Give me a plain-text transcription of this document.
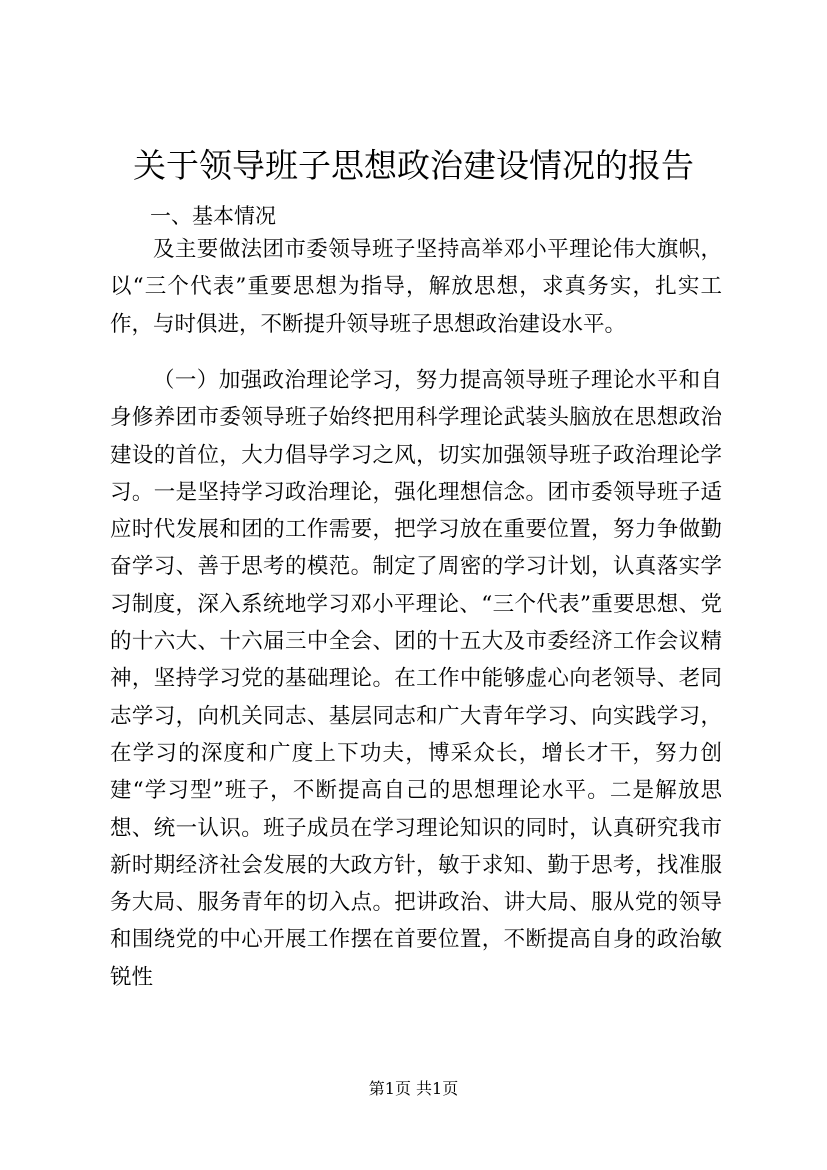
关于领导班子思想政治建设情况的报告
一、基本情况

及主要做法团市委领导班子坚持高举邓小平理论伟大旗帜，以“三个代表”重要思想为指导，解放思想，求真务实，扎实工作，与时俱进，不断提升领导班子思想政治建设水平。

（一）加强政治理论学习，努力提高领导班子理论水平和自身修养团市委领导班子始终把用科学理论武装头脑放在思想政治建设的首位，大力倡导学习之风，切实加强领导班子政治理论学习。一是坚持学习政治理论，强化理想信念。团市委领导班子适应时代发展和团的工作需要，把学习放在重要位置，努力争做勤奋学习、善于思考的模范。制定了周密的学习计划，认真落实学习制度，深入系统地学习邓小平理论、“三个代表”重要思想、党的十六大、十六届三中全会、团的十五大及市委经济工作会议精神，坚持学习党的基础理论。在工作中能够虚心向老领导、老同志学习，向机关同志、基层同志和广大青年学习、向实践学习，在学习的深度和广度上下功夫，博采众长，增长才干，努力创建“学习型”班子，不断提高自己的思想理论水平。二是解放思想、统一认识。班子成员在学习理论知识的同时，认真研究我市新时期经济社会发展的大政方针，敏于求知、勤于思考，找准服务大局、服务青年的切入点。把讲政治、讲大局、服从党的领导和围绕党的中心开展工作摆在首要位置，不断提高自身的政治敏锐性

第1页 共1页
